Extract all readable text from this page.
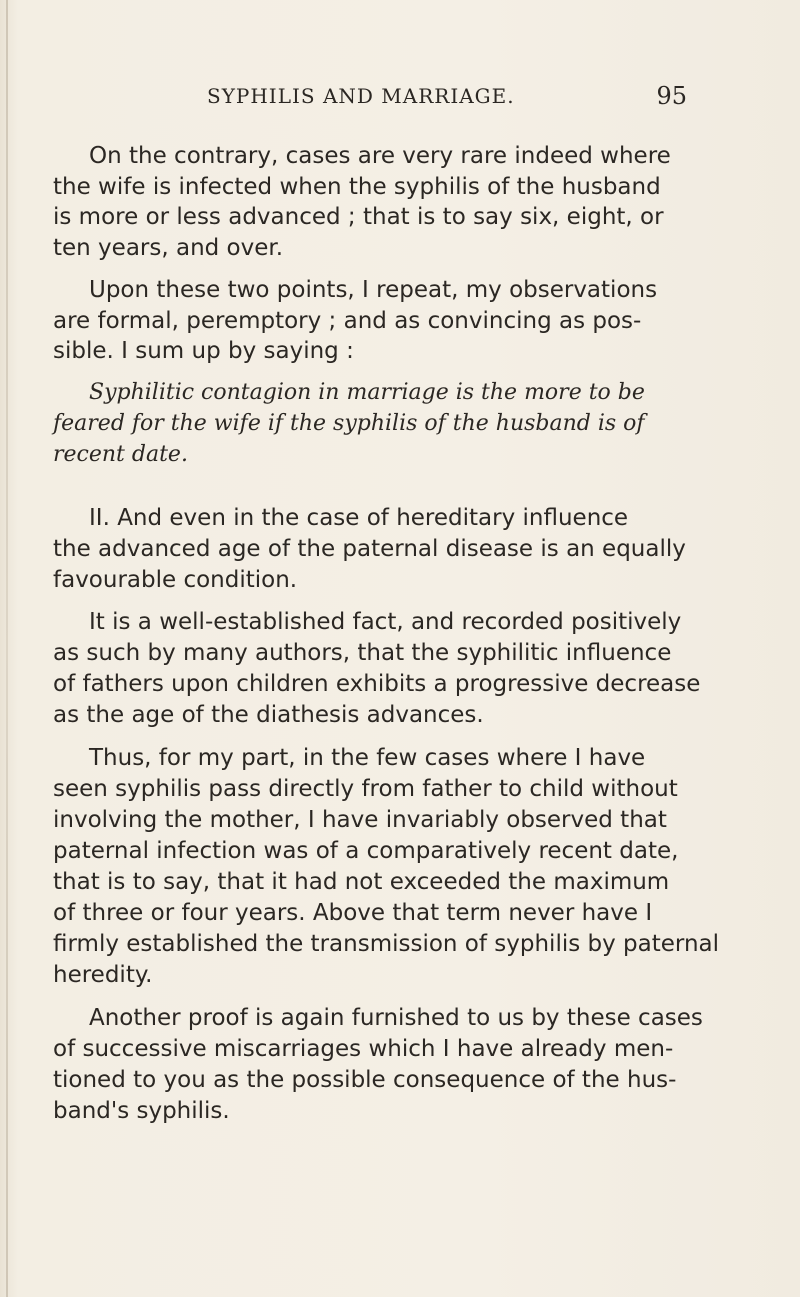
SYPHILIS AND MARRIAGE.	95
On the contrary, cases are very rare indeed where
the wife is infected when the syphilis of the husband
is more or less advanced ; that is to say six, eight, or
ten years, and over.
Upon these two points, I repeat, my observations
are formal, peremptory ; and as convincing as pos-
sible. I sum up by saying :
Syphilitic contagion in marriage is the more to be
feared for the wife if the syphilis of the husband is of
recent date.
II. And even in the case of hereditary influence
the advanced age of the paternal disease is an equally
favourable condition.
It is a well-established fact, and recorded positively
as such by many authors, that the syphilitic influence
of fathers upon children exhibits a progressive decrease
as the age of the diathesis advances.
Thus, for my part, in the few cases where I have
seen syphilis pass directly from father to child without
involving the mother, I have invariably observed that
paternal infection was of a comparatively recent date,
that is to say, that it had not exceeded the maximum
of three or four years. Above that term never have I
firmly established the transmission of syphilis by paternal
heredity.
Another proof is again furnished to us by these cases
of successive miscarriages which I have already men-
tioned to you as the possible consequence of the hus-
band's syphilis.
